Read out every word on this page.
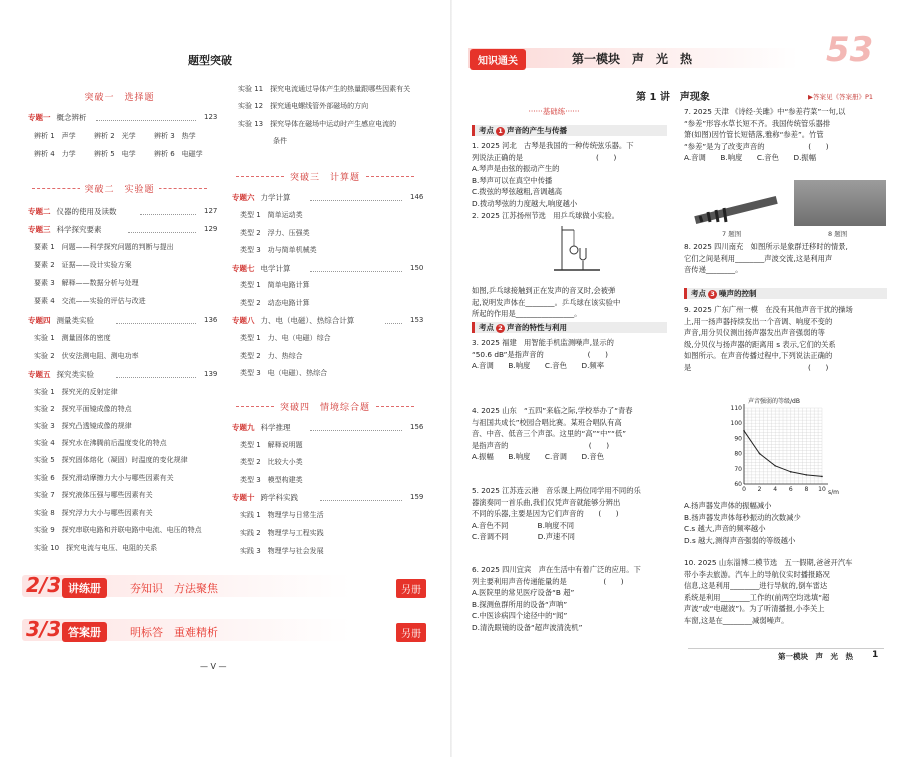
题型突破
突破一　选择题
专题一 概念辨析	123
辨析 1　声学	辨析 2　光学	辨析 3　热学
辨析 4　力学	辨析 5　电学	辨析 6　电磁学
突破二　实验题
专题二 仪器的使用及读数	127
专题三 科学探究要素	129
要素 1　问题——科学探究问题的判断与提出
要素 2　证据——设计实验方案
要素 3　解释——数据分析与处理
要素 4　交流——实验的评估与改进
专题四 测量类实验	136
实验 1　测量固体的密度
实验 2　伏安法测电阻、测电功率
专题五 探究类实验	139
实验 1　探究光的反射定律
实验 2　探究平面镜成像的特点
实验 3　探究凸透镜成像的规律
实验 4　探究水在沸腾前后温度变化的特点
实验 5　探究固体熔化（凝固）时温度的变化规律
实验 6　探究滑动摩擦力大小与哪些因素有关
实验 7　探究液体压强与哪些因素有关
实验 8　探究浮力大小与哪些因素有关
实验 9　探究串联电路和并联电路中电流、电压的特点
实验 10　探究电流与电压、电阻的关系
实验 11　探究电流通过导体产生的热量跟哪些因素有关
实验 12　探究通电螺线管外部磁场的方向
实验 13　探究导体在磁场中运动时产生感应电流的
　　　　　条件
突破三　计算题
专题六 力学计算	146
类型 1　简单运动类
类型 2　浮力、压强类
类型 3　功与简单机械类
专题七 电学计算	150
类型 1　简单电路计算
类型 2　动态电路计算
专题八 力、电（电磁）、热综合计算	153
类型 1　力、电（电磁）综合
类型 2　力、热综合
类型 3　电（电磁）、热综合
突破四　情境综合题
专题九 科学推理	156
类型 1　解释说明题
类型 2　比较大小类
类型 3　模型构建类
专题十 跨学科实践	159
实践 1　物理学与日常生活
实践 2　物理学与工程实践
实践 3　物理学与社会发展
2/3 讲练册	夯知识　方法聚焦	另册
3/3 答案册	明标答　重难精析	另册
— V —
知识通关	第一模块　声　光　热	53
第 1 讲　声现象	▶答案见《答案册》P1
······基础练······
考点 1 声音的产生与传播
1. 2025 河北　古琴是我国的一种传统弦乐器。下
列说法正确的是　　　　　　　　　　(　　)
A.琴声是由弦的振动产生的
B.琴声可以在真空中传播
C.拨弦的琴弦越粗,音调越高
D.拨动琴弦的力度越大,响度越小
2. 2025 江苏扬州节选　用乒乓球做小实验。
如图,乒乓球接触到正在发声的音叉时,会被弹
起,说明发声体在________。乒乓球在该实验中
所起的作用是________________。
考点 2 声音的特性与利用
3. 2025 福建　用智能手机监测噪声,显示的
“50.6 dB”是指声音的　　　　　　(　　)
A.音调　　B.响度　　C.音色　　D.频率
4. 2025 山东　“五四”来临之际,学校举办了“青春
与祖国共成长”校园合唱比赛。某班合唱队有高
音、中音、低音三个声部。这里的“高”“中”“低”
是指声音的　　　　　　　　　　　(　　)
A.振幅　　B.响度　　C.音调　　D.音色
5. 2025 江苏连云港　音乐课上两位同学用不同的乐
器演奏同一首乐曲,我们仅凭声音就能够分辨出
不同的乐器,主要是因为它们声音的　　(　　)
A.音色不同　　　　B.响度不同
C.音调不同　　　　D.声速不同
6. 2025 四川宜宾　声在生活中有着广泛的应用。下
列主要利用声音传递能量的是　　　　　(　　)
A.医院里的常见医疗设备“B 超”
B.探测鱼群所用的设备“声呐”
C.中医诊病四个途径中的“闻”
D.清洗眼镜的设备“超声波清洗机”
7. 2025 天津 《诗经·关雎》中“参差荇菜”一句,以
“参差”形容水草长短不齐。我国传统管乐器排
箫(如图)因竹管长短错落,雅称“参差”。竹管
“参差”是为了改变声音的　　　　　　(　　)
A.音调　　B.响度　　C.音色　　D.振幅
7 题图	8 题图
8. 2025 四川南充　如图所示是象群迁移时的情景,
它们之间是利用________声波交流,这是利用声
音传递________。
考点 3 噪声的控制
9. 2025 广东广州一模　在没有其他声音干扰的操场
上,用一扬声器持续发出一个音调、响度不变的
声音,用分贝仪测出扬声器发出声音强弱的等
级,分贝仪与扬声器的距离用 s 表示,它们的关系
如图所示。在声音传播过程中,下列说法正确的
是　　　　　　　　　　　　　　　　(　　)
声音强弱的等级/dB
60
70
80
90
100
110
0 2 4 6 8 10 s/m
A.扬声器发声体的振幅减小
B.扬声器发声体每秒振动的次数减少
C.s 越大,声音的频率越小
D.s 越大,测得声音强弱的等级越小
10. 2025 山东淄博二模节选　五一假期,爸爸开汽车
带小李去旅游。汽车上的导航仪实时播报路况
信息,这是利用________进行导航的,倒车雷达
系统是利用________工作的(前两空均选填“超
声波”或“电磁波”)。为了听清播报,小李关上
车窗,这是在________减弱噪声。
第一模块　声　光　热 1
